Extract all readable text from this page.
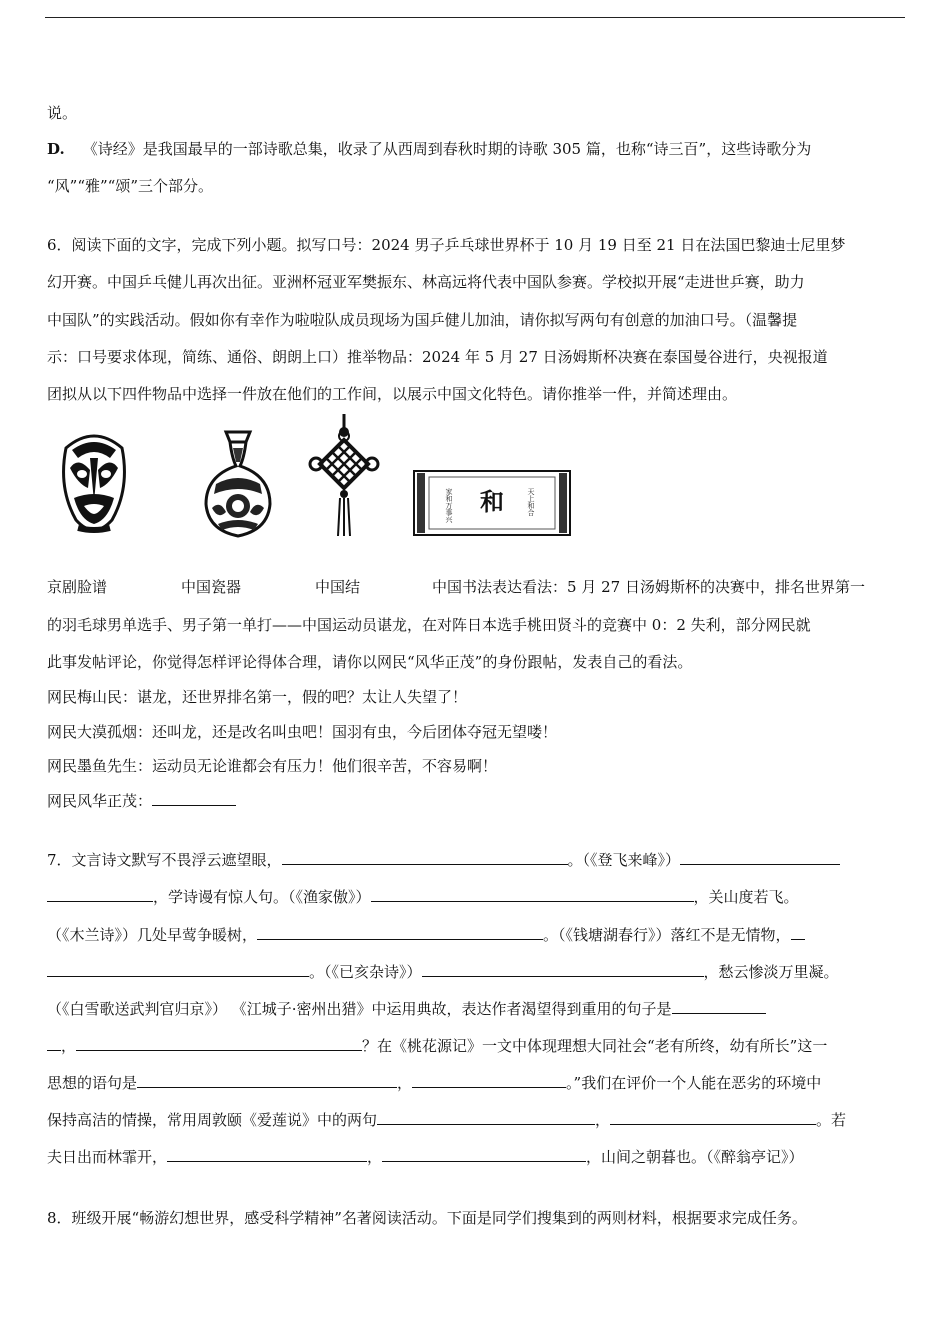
说。
D. 《诗经》是我国最早的一部诗歌总集，收录了从西周到春秋时期的诗歌 305 篇，也称“诗三百”，这些诗歌分为
“风”“雅”“颂”三个部分。
6．阅读下面的文字，完成下列小题。拟写口号：2024 男子乒乓球世界杯于 10 月 19 日至 21 日在法国巴黎迪士尼里梦
幻开赛。中国乒乓健儿再次出征。亚洲杯冠亚军樊振东、林高远将代表中国队参赛。学校拟开展“走进世乒赛，助力
中国队”的实践活动。假如你有幸作为啦啦队成员现场为国乒健儿加油，请你拟写两句有创意的加油口号。（温馨提
示：口号要求体现，简练、通俗、朗朗上口）推举物品：2024 年 5 月 27 日汤姆斯杯决赛在泰国曼谷进行，央视报道
团拟从以下四件物品中选择一件放在他们的工作间，以展示中国文化特色。请你推举一件，并简述理由。
和	天上和合
家和万事兴
京剧脸谱	中国瓷器	中国结	中国书法表达看法：5 月 27 日汤姆斯杯的决赛中，排名世界第一
的羽毛球男单选手、男子第一单打——中国运动员谌龙，在对阵日本选手桃田贤斗的竞赛中 0：2 失利，部分网民就
此事发帖评论，你觉得怎样评论得体合理，请你以网民“风华正茂”的身份跟帖，发表自己的看法。
网民梅山民：谌龙，还世界排名第一，假的吧？太让人失望了！
网民大漠孤烟：还叫龙，还是改名叫虫吧！国羽有虫，今后团体夺冠无望喽！
网民墨鱼先生：运动员无论谁都会有压力！他们很辛苦，不容易啊！
网民风华正茂：
7．文言诗文默写不畏浮云遮望眼，	。（《登飞来峰》）
，学诗谩有惊人句。（《渔家傲》）	，关山度若飞。
（《木兰诗》）几处早莺争暖树，	。（《钱塘湖春行》）落红不是无情物，
。（《已亥杂诗》）	，愁云惨淡万里凝。
（《白雪歌送武判官归京》） 《江城子·密州出猎》中运用典故，表达作者渴望得到重用的句子是
，	？在《桃花源记》一文中体现理想大同社会“老有所终，幼有所长”这一
思想的语句是	，	。”我们在评价一个人能在恶劣的环境中
保持高洁的情操，常用周敦颐《爱莲说》中的两句	，	。若
夫日出而林霏开，	，	，山间之朝暮也。（《醉翁亭记》）
8．班级开展“畅游幻想世界，感受科学精神”名著阅读活动。下面是同学们搜集到的两则材料，根据要求完成任务。
